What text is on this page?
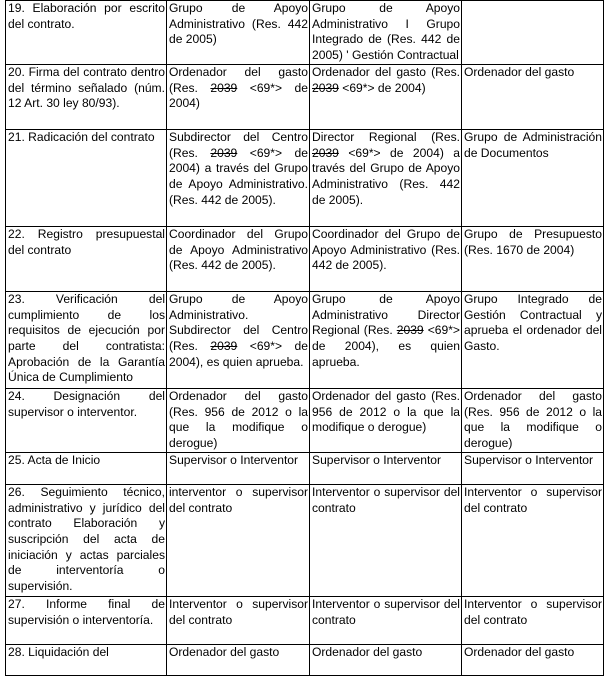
19. Elaboración por escrito del contrato.	Grupo de Apoyo Administrativo (Res. 442 de 2005)	Grupo de Apoyo Administrativo I Grupo Integrado de (Res. 442 de 2005) ' Gestión Contractual	
20. Firma del contrato dentro del término señalado (núm. 12 Art. 30 ley 80/93).	Ordenador del gasto (Res. 2039 <69*> de 2004)	Ordenador del gasto (Res. 2039 <69*> de 2004)	Ordenador del gasto
21. Radicación del contrato	Subdirector del Centro (Res. 2039 <69*> de 2004) a través del Grupo de Apoyo Administrativo. (Res. 442 de 2005).	Director Regional (Res. 2039 <69*> de 2004) a través del Grupo de Apoyo Administrativo (Res. 442 de 2005).	Grupo de Administración de Documentos
22. Registro presupuestal del contrato	Coordinador del Grupo de Apoyo Administrativo (Res. 442 de 2005).	Coordinador del Grupo de Apoyo Administrativo (Res. 442 de 2005).	Grupo de Presupuesto (Res. 1670 de 2004)
23. Verificación del cumplimiento de los requisitos de ejecución por parte del contratista: Aprobación de la Garantía Única de Cumplimiento	Grupo de Apoyo Administrativo. Subdirector del Centro (Res. 2039 <69*> de 2004), es quien aprueba.	Grupo de Apoyo Administrativo Director Regional (Res. 2039 <69*> de 2004), es quien aprueba.	Grupo Integrado de Gestión Contractual y aprueba el ordenador del Gasto.
24. Designación del supervisor o interventor.	Ordenador del gasto (Res. 956 de 2012 o la que la modifique o derogue)	Ordenador del gasto (Res. 956 de 2012 o la que la modifique o derogue)	Ordenador del gasto (Res. 956 de 2012 o la que la modifique o derogue)
25. Acta de Inicio	Supervisor o Interventor	Supervisor o Interventor	Supervisor o Interventor
26. Seguimiento técnico, administrativo y jurídico del contrato Elaboración y suscripción del acta de iniciación y actas parciales de interventoría o supervisión.	interventor o supervisor del contrato	Interventor o supervisor del contrato	Interventor o supervisor del contrato
27. Informe final de supervisión o interventoría.	Interventor o supervisor del contrato	Interventor o supervisor del contrato	Interventor o supervisor del contrato
28. Liquidación del	Ordenador del gasto	Ordenador del gasto	Ordenador del gasto
